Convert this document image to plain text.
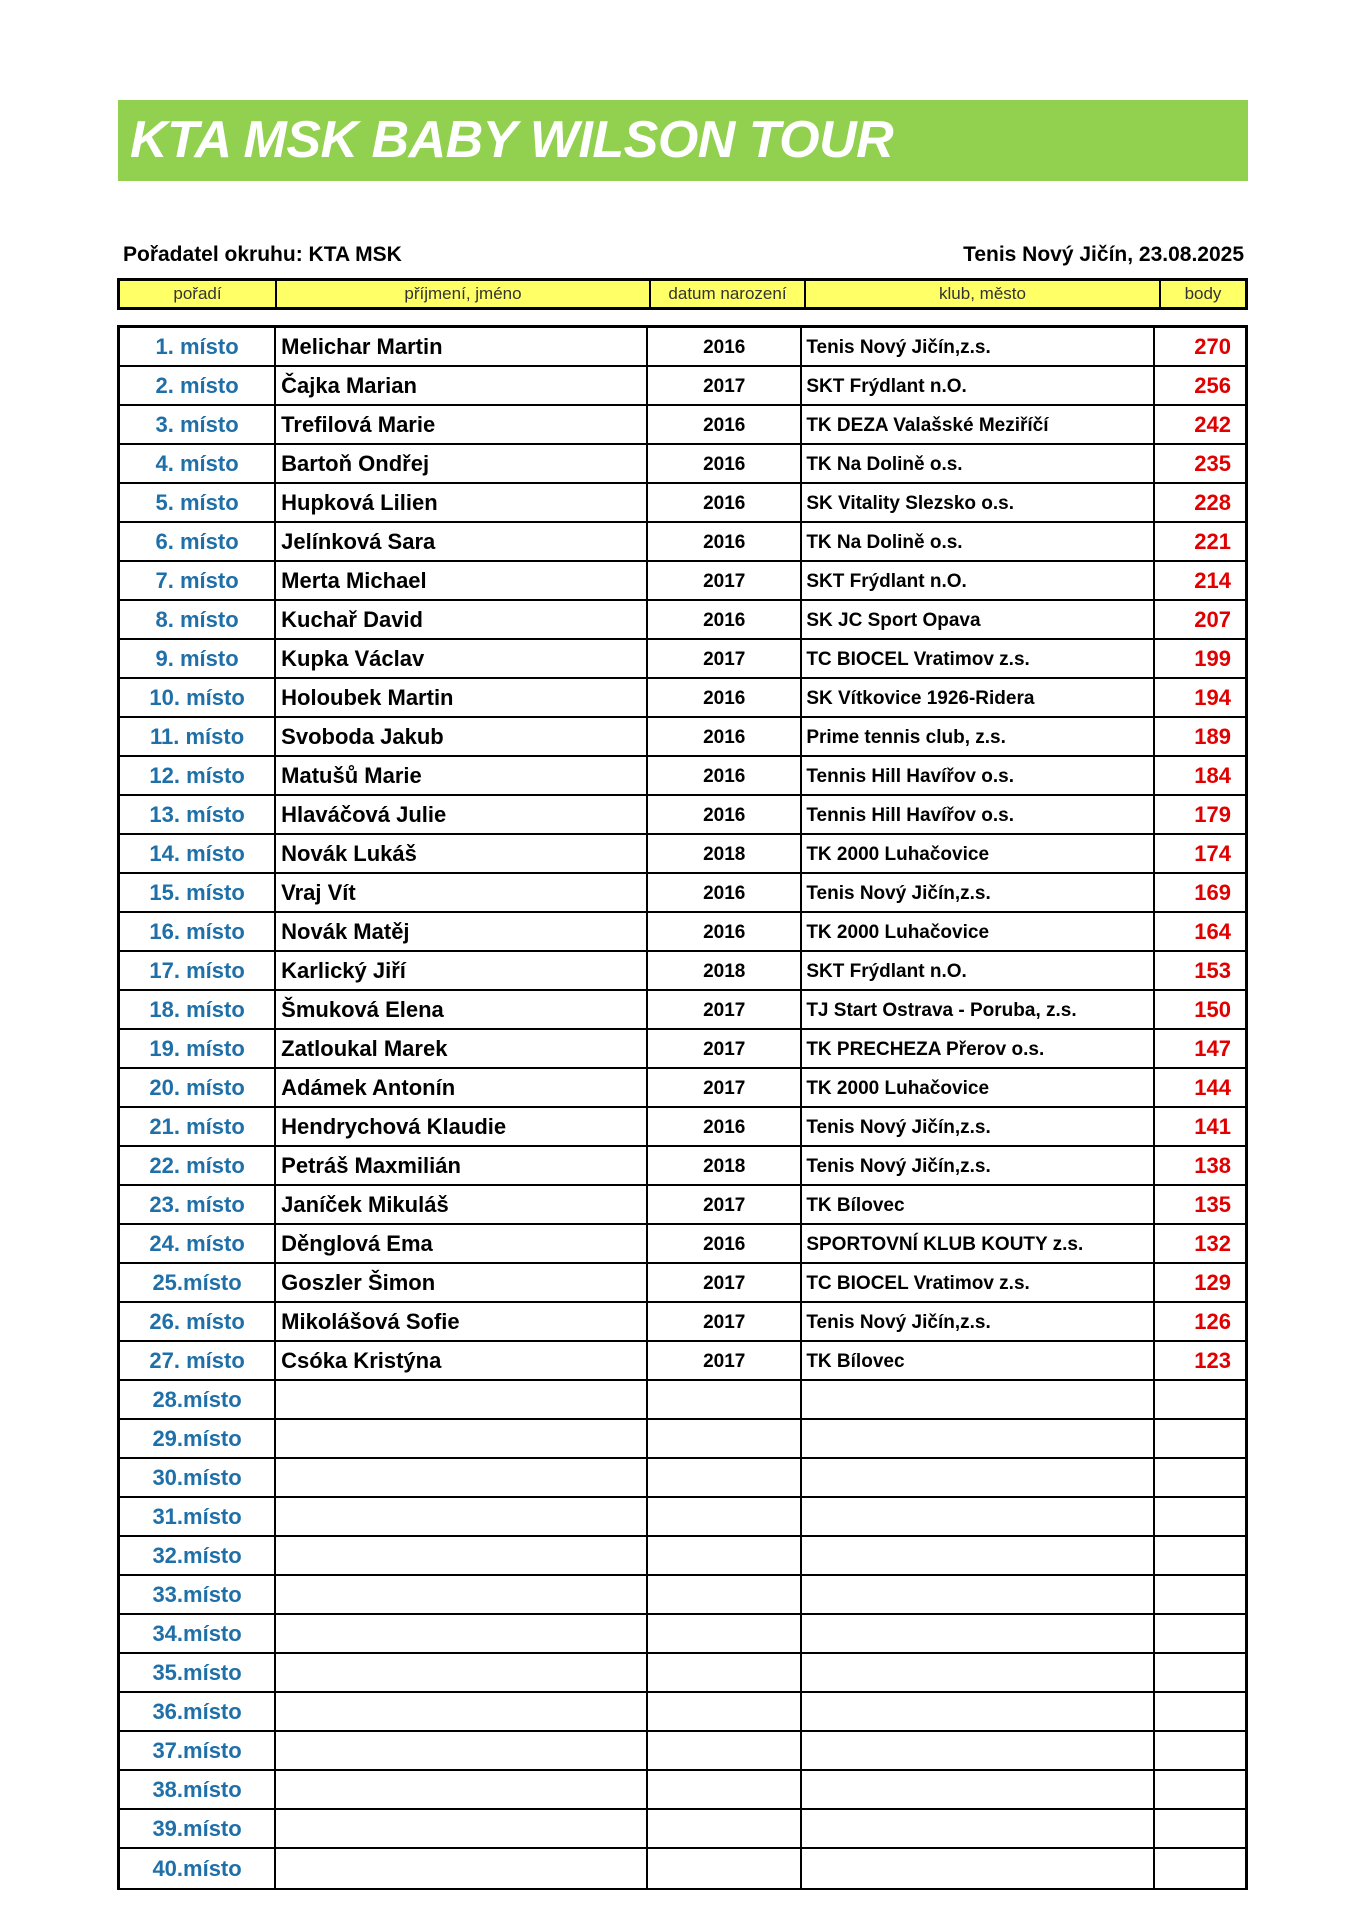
KTA MSK BABY WILSON TOUR
Pořadatel okruhu: KTA MSK	Tenis Nový Jičín, 23.08.2025
pořadí	příjmení, jméno	datum narození	klub, město	body
1. místo	Melichar Martin	2016	Tenis Nový Jičín,z.s.	270
2. místo	Čajka Marian	2017	SKT Frýdlant n.O.	256
3. místo	Trefilová Marie	2016	TK DEZA Valašské Meziříčí	242
4. místo	Bartoň Ondřej	2016	TK Na Dolině o.s.	235
5. místo	Hupková Lilien	2016	SK Vitality Slezsko o.s.	228
6. místo	Jelínková Sara	2016	TK Na Dolině o.s.	221
7. místo	Merta Michael	2017	SKT Frýdlant n.O.	214
8. místo	Kuchař David	2016	SK JC Sport Opava	207
9. místo	Kupka Václav	2017	TC BIOCEL Vratimov z.s.	199
10. místo	Holoubek Martin	2016	SK Vítkovice 1926-Ridera	194
11. místo	Svoboda Jakub	2016	Prime tennis club, z.s.	189
12. místo	Matušů Marie	2016	Tennis Hill Havířov o.s.	184
13. místo	Hlaváčová Julie	2016	Tennis Hill Havířov o.s.	179
14. místo	Novák Lukáš	2018	TK 2000 Luhačovice	174
15. místo	Vraj Vít	2016	Tenis Nový Jičín,z.s.	169
16. místo	Novák Matěj	2016	TK 2000 Luhačovice	164
17. místo	Karlický Jiří	2018	SKT Frýdlant n.O.	153
18. místo	Šmuková Elena	2017	TJ Start Ostrava - Poruba, z.s.	150
19. místo	Zatloukal Marek	2017	TK PRECHEZA Přerov o.s.	147
20. místo	Adámek Antonín	2017	TK 2000 Luhačovice	144
21. místo	Hendrychová Klaudie	2016	Tenis Nový Jičín,z.s.	141
22. místo	Petráš Maxmilián	2018	Tenis Nový Jičín,z.s.	138
23. místo	Janíček Mikuláš	2017	TK Bílovec	135
24. místo	Děnglová Ema	2016	SPORTOVNÍ KLUB KOUTY z.s.	132
25.místo	Goszler Šimon	2017	TC BIOCEL Vratimov z.s.	129
26. místo	Mikolášová Sofie	2017	Tenis Nový Jičín,z.s.	126
27. místo	Csóka Kristýna	2017	TK Bílovec	123
28.místo
29.místo
30.místo
31.místo
32.místo
33.místo
34.místo
35.místo
36.místo
37.místo
38.místo
39.místo
40.místo
